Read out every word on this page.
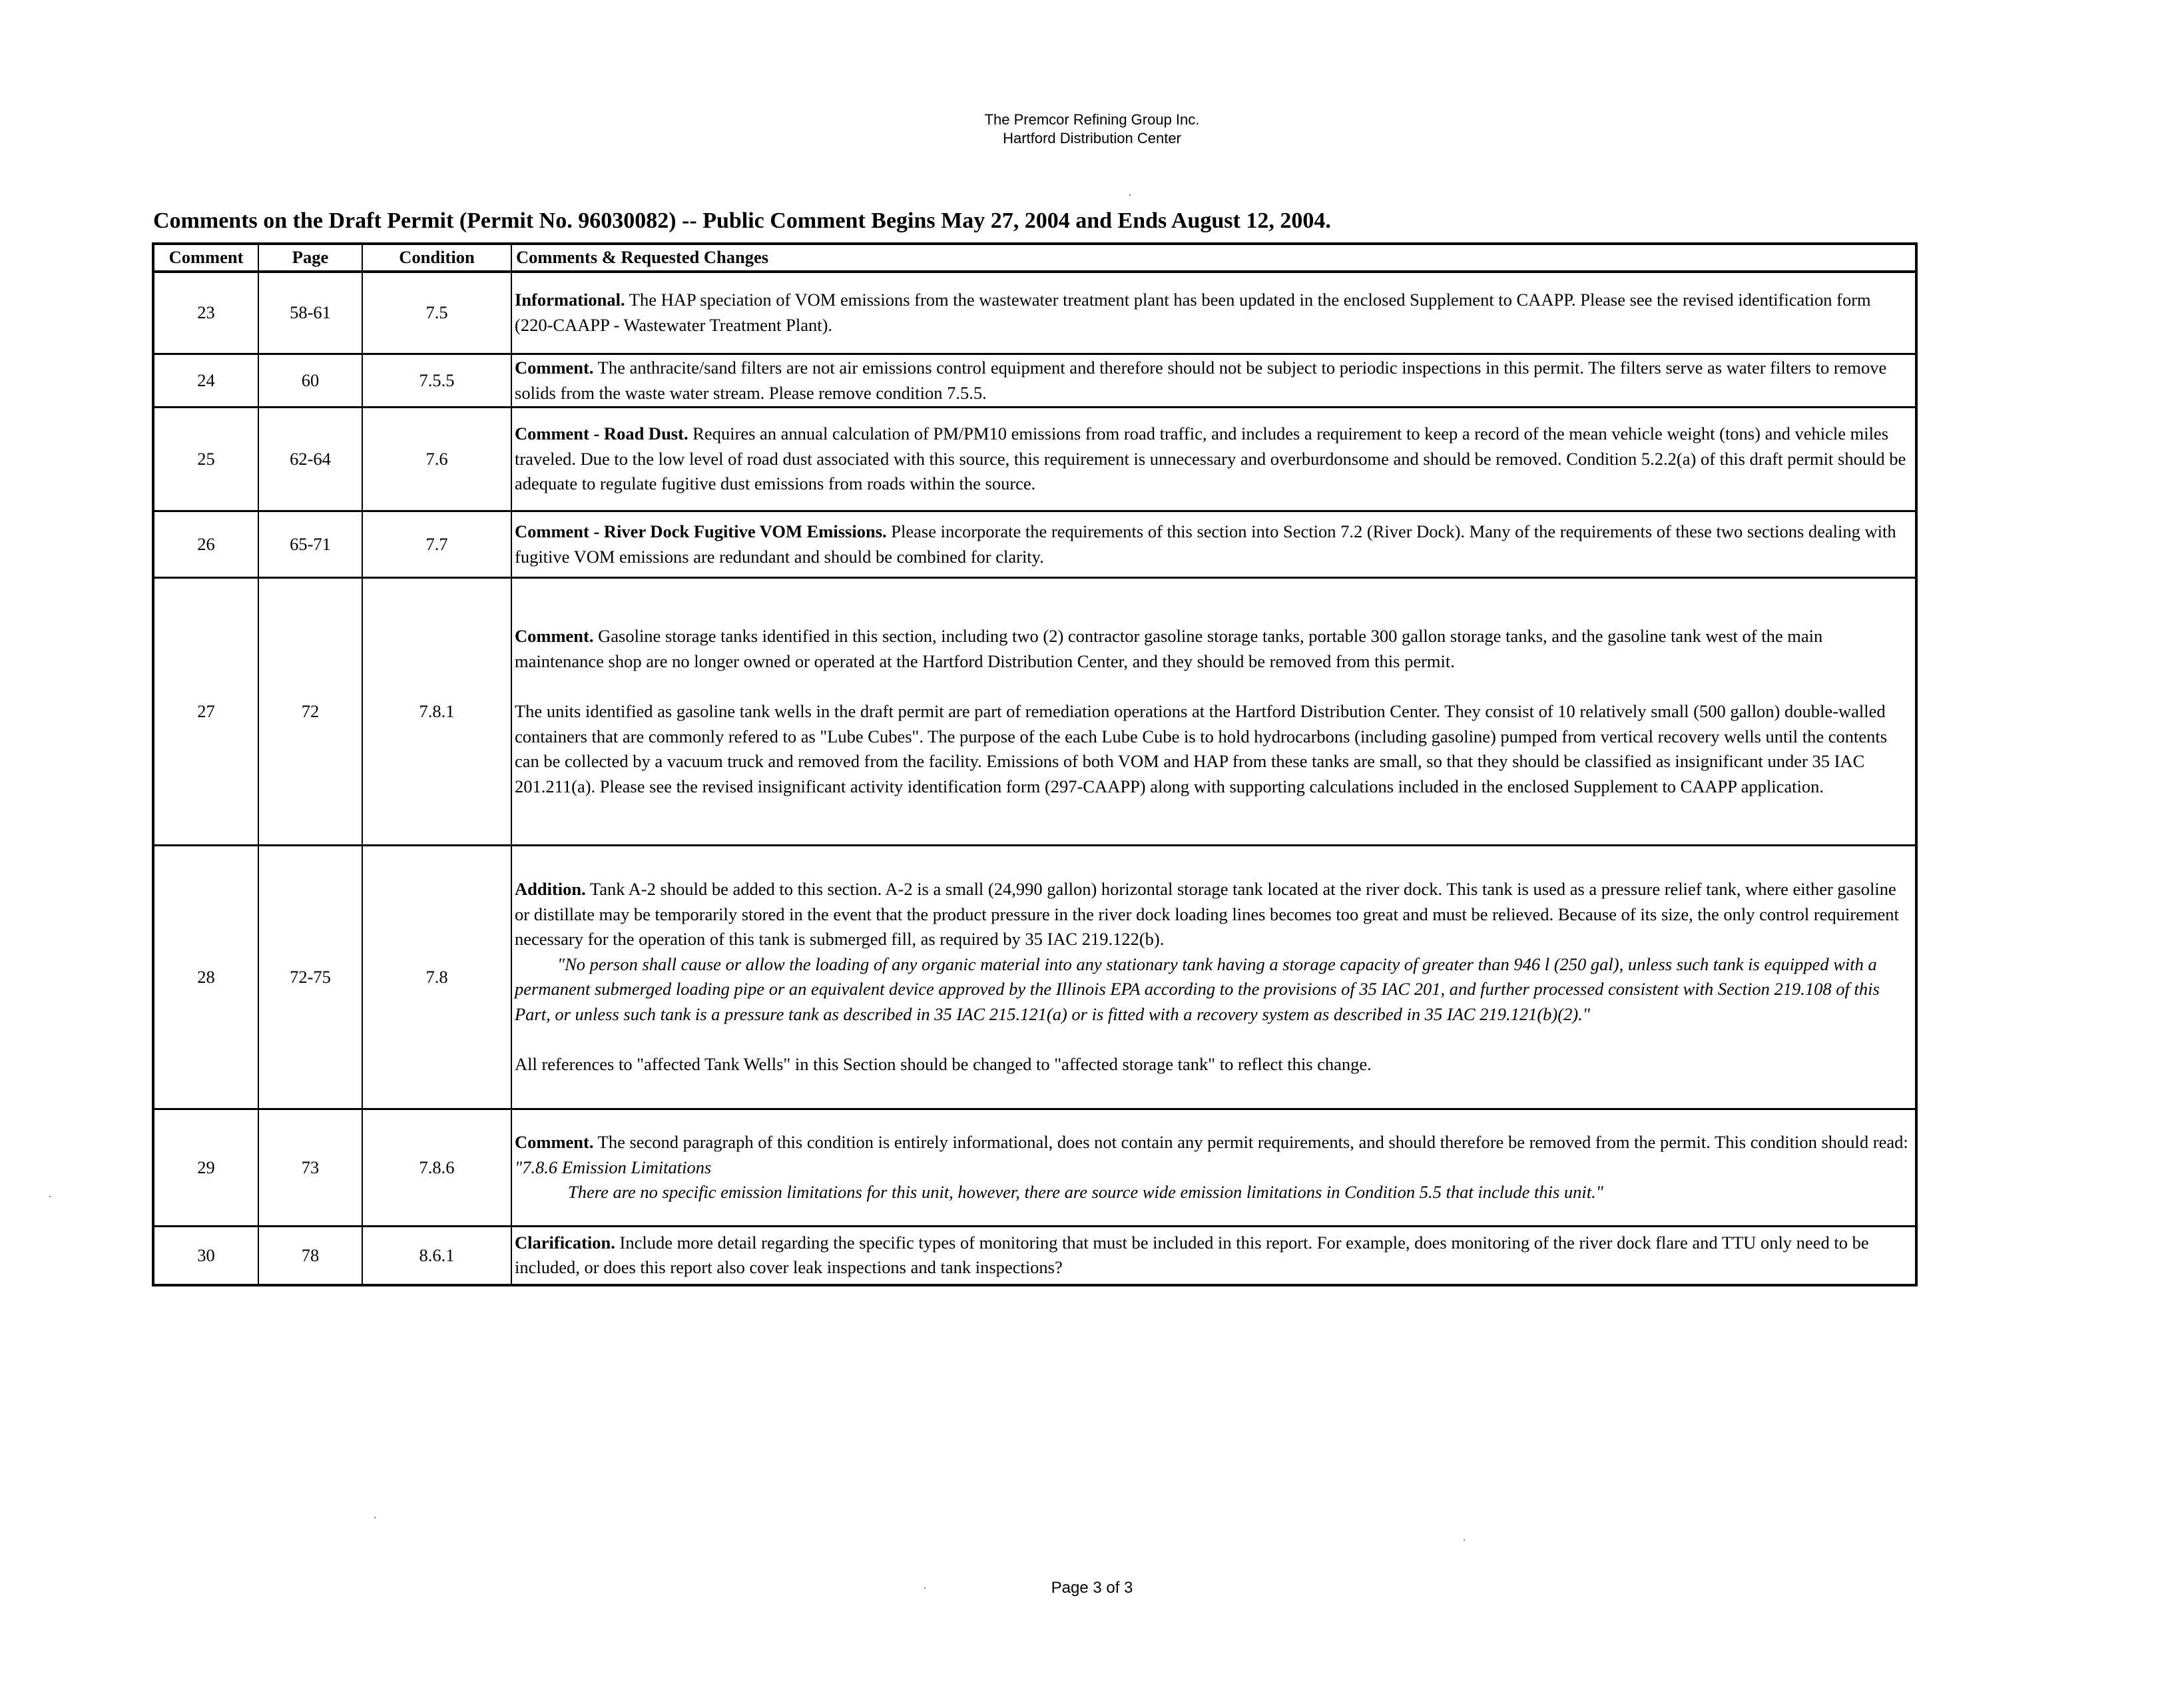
The Premcor Refining Group Inc.
Hartford Distribution Center
Comments on the Draft Permit (Permit No. 96030082) -- Public Comment Begins May 27, 2004 and Ends August 12, 2004.
Comment	Page	Condition	Comments & Requested Changes
23	58-61	7.5	Informational. The HAP speciation of VOM emissions from the wastewater treatment plant has been updated in the enclosed Supplement to CAAPP. Please see the revised identification form (220-CAAPP - Wastewater Treatment Plant).

24	60	7.5.5	Comment. The anthracite/sand filters are not air emissions control equipment and therefore should not be subject to periodic inspections in this permit. The filters serve as water filters to remove solids from the waste water stream. Please remove condition 7.5.5.

25	62-64	7.6	Comment - Road Dust. Requires an annual calculation of PM/PM10 emissions from road traffic, and includes a requirement to keep a record of the mean vehicle weight (tons) and vehicle miles traveled. Due to the low level of road dust associated with this source, this requirement is unnecessary and overburdonsome and should be removed. Condition 5.2.2(a) of this draft permit should be adequate to regulate fugitive dust emissions from roads within the source.

26	65-71	7.7	Comment - River Dock Fugitive VOM Emissions. Please incorporate the requirements of this section into Section 7.2 (River Dock). Many of the requirements of these two sections dealing with fugitive VOM emissions are redundant and should be combined for clarity.

27	72	7.8.1	Comment. Gasoline storage tanks identified in this section, including two (2) contractor gasoline storage tanks, portable 300 gallon storage tanks, and the gasoline tank west of the main maintenance shop are no longer owned or operated at the Hartford Distribution Center, and they should be removed from this permit.

The units identified as gasoline tank wells in the draft permit are part of remediation operations at the Hartford Distribution Center. They consist of 10 relatively small (500 gallon) double-walled containers that are commonly refered to as "Lube Cubes". The purpose of the each Lube Cube is to hold hydrocarbons (including gasoline) pumped from vertical recovery wells until the contents can be collected by a vacuum truck and removed from the facility. Emissions of both VOM and HAP from these tanks are small, so that they should be classified as insignificant under 35 IAC 201.211(a). Please see the revised insignificant activity identification form (297-CAAPP) along with supporting calculations included in the enclosed Supplement to CAAPP application.

28	72-75	7.8	Addition. Tank A-2 should be added to this section. A-2 is a small (24,990 gallon) horizontal storage tank located at the river dock. This tank is used as a pressure relief tank, where either gasoline or distillate may be temporarily stored in the event that the product pressure in the river dock loading lines becomes too great and must be relieved. Because of its size, the only control requirement necessary for the operation of this tank is submerged fill, as required by 35 IAC 219.122(b).

"No person shall cause or allow the loading of any organic material into any stationary tank having a storage capacity of greater than 946 l (250 gal), unless such tank is equipped with a permanent submerged loading pipe or an equivalent device approved by the Illinois EPA according to the provisions of 35 IAC 201, and further processed consistent with Section 219.108 of this Part, or unless such tank is a pressure tank as described in 35 IAC 215.121(a) or is fitted with a recovery system as described in 35 IAC 219.121(b)(2)."

All references to "affected Tank Wells" in this Section should be changed to "affected storage tank" to reflect this change.

29	73	7.8.6	Comment. The second paragraph of this condition is entirely informational, does not contain any permit requirements, and should therefore be removed from the permit. This condition should read:

"7.8.6 Emission Limitations

There are no specific emission limitations for this unit, however, there are source wide emission limitations in Condition 5.5 that include this unit."

30	78	8.6.1	Clarification. Include more detail regarding the specific types of monitoring that must be included in this report. For example, does monitoring of the river dock flare and TTU only need to be included, or does this report also cover leak inspections and tank inspections?

Page 3 of 3
